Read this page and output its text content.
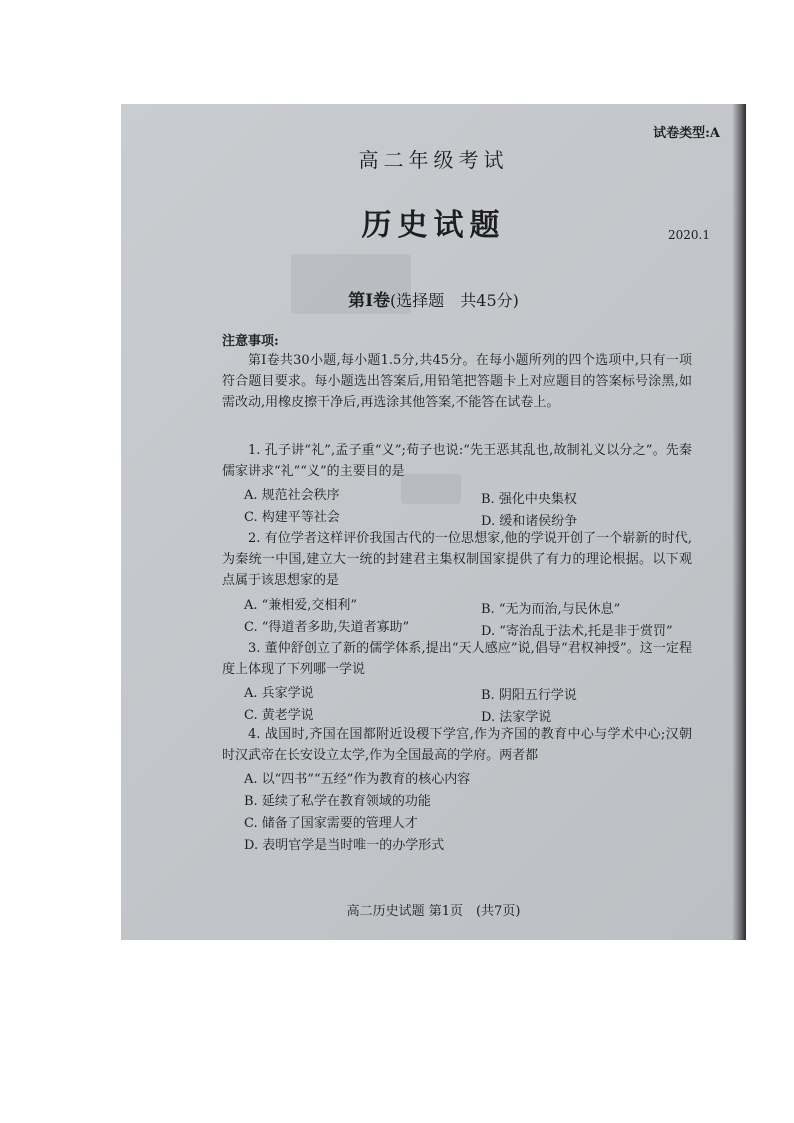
试卷类型:A
高二年级考试
历史试题	2020.1
第Ⅰ卷(选择题　共45分)
注意事项:
第Ⅰ卷共30小题,每小题1.5分,共45分。在每小题所列的四个选项中,只有一项符合题目要求。每小题选出答案后,用铅笔把答题卡上对应题目的答案标号涂黑,如需改动,用橡皮擦干净后,再选涂其他答案,不能答在试卷上。
1. 孔子讲“礼”,孟子重“义”;荀子也说:“先王恶其乱也,故制礼义以分之”。先秦儒家讲求“礼”“义”的主要目的是
A. 规范社会秩序	B. 强化中央集权
C. 构建平等社会	D. 缓和诸侯纷争
2. 有位学者这样评价我国古代的一位思想家,他的学说开创了一个崭新的时代,为秦统一中国,建立大一统的封建君主集权制国家提供了有力的理论根据。以下观点属于该思想家的是
A. “兼相爱,交相利”	B. “无为而治,与民休息”
C. “得道者多助,失道者寡助”	D. “寄治乱于法术,托是非于赏罚”
3. 董仲舒创立了新的儒学体系,提出“天人感应”说,倡导“君权神授”。这一定程度上体现了下列哪一学说
A. 兵家学说	B. 阴阳五行学说
C. 黄老学说	D. 法家学说
4. 战国时,齐国在国都附近设稷下学宫,作为齐国的教育中心与学术中心;汉朝时汉武帝在长安设立太学,作为全国最高的学府。两者都
A. 以“四书”“五经”作为教育的核心内容
B. 延续了私学在教育领域的功能
C. 储备了国家需要的管理人才
D. 表明官学是当时唯一的办学形式
高二历史试题 第1页　(共7页)
